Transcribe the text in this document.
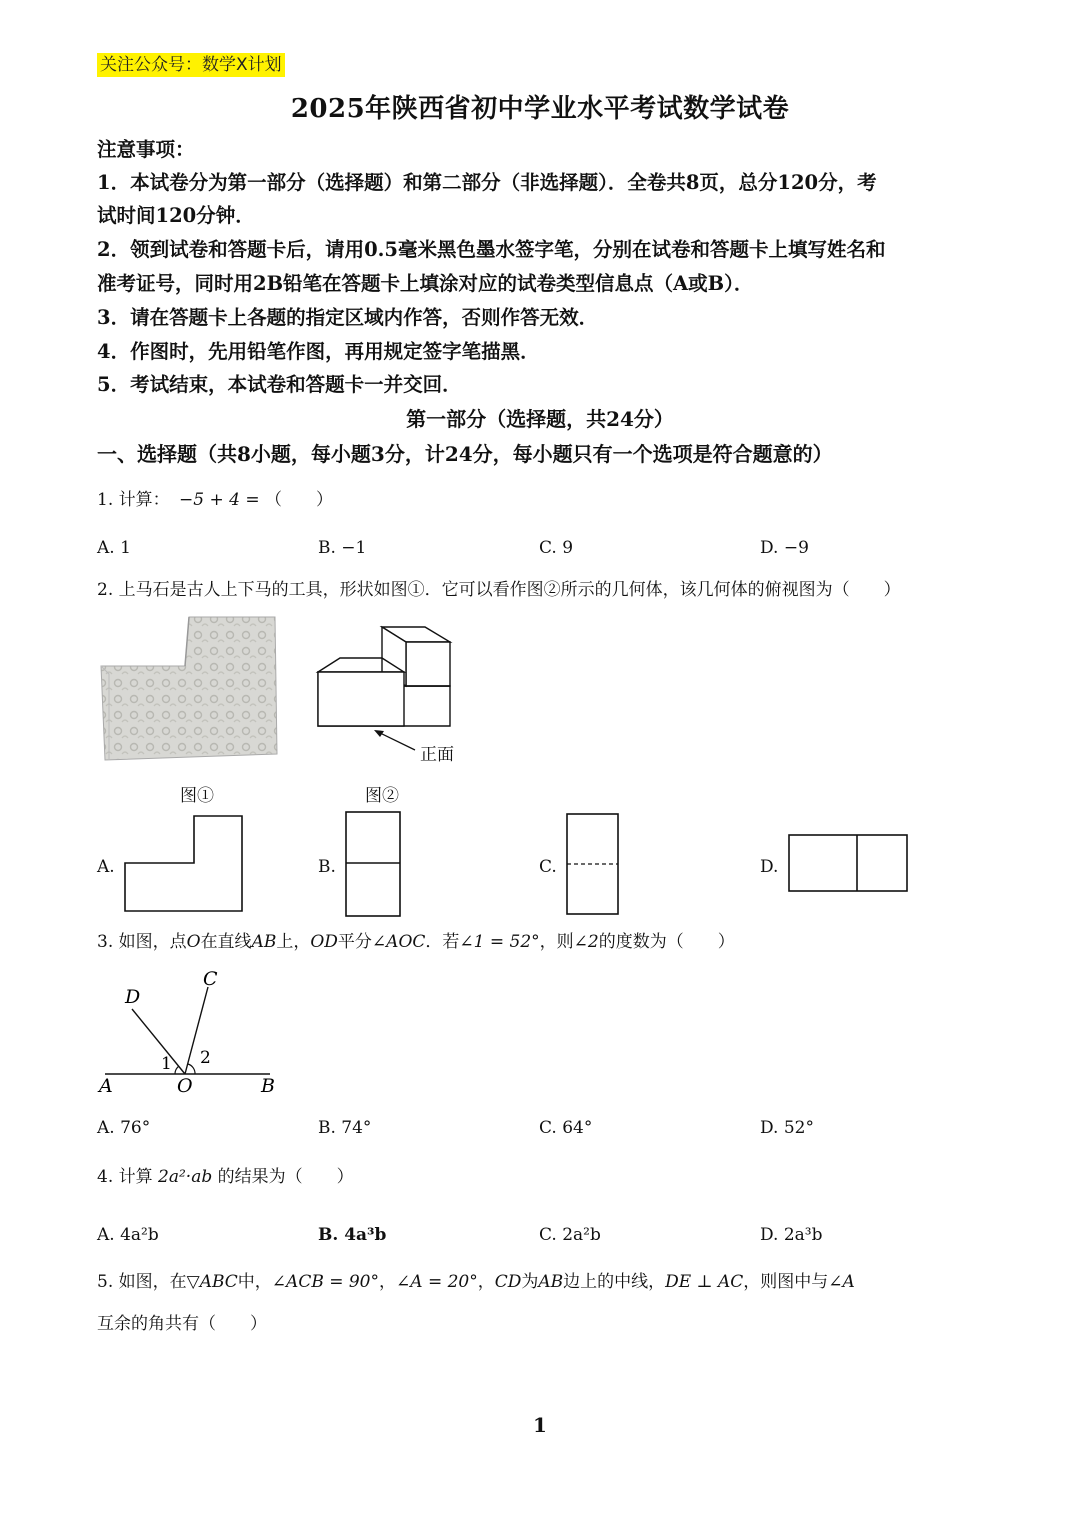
关注公众号：数学X计划
2025年陕西省初中学业水平考试数学试卷
注意事项：
1．本试卷分为第一部分（选择题）和第二部分（非选择题）．全卷共8页，总分120分，考
试时间120分钟．
2．领到试卷和答题卡后，请用0.5毫米黑色墨水签字笔，分别在试卷和答题卡上填写姓名和
准考证号，同时用2B铅笔在答题卡上填涂对应的试卷类型信息点（A或B）．
3．请在答题卡上各题的指定区域内作答，否则作答无效．
4．作图时，先用铅笔作图，再用规定签字笔描黑．
5．考试结束，本试卷和答题卡一并交回．
第一部分（选择题，共24分）
一、选择题（共8小题，每小题3分，计24分，每小题只有一个选项是符合题意的）
1. 计算： −5 + 4 = （　　）
A. 1	B. −1	C. 9	D. −9
2. 上马石是古人上下马的工具，形状如图①．它可以看作图②所示的几何体，该几何体的俯视图为（　　）
图①
正面
图②
A.	B.	C.	D.
3. 如图，点O在直线AB上，OD平分∠AOC．若∠1 = 52°，则∠2的度数为（　　）
D
C
A	O	B
1 2
A. 76°	B. 74°	C. 64°	D. 52°
4. 计算 2a²·ab 的结果为（　　）
A. 4a²b	B. 4a³b	C. 2a²b	D. 2a³b
5. 如图，在▽ABC中，∠ACB = 90°，∠A = 20°，CD为AB边上的中线，DE ⊥ AC，则图中与∠A
互余的角共有（　　）
1
